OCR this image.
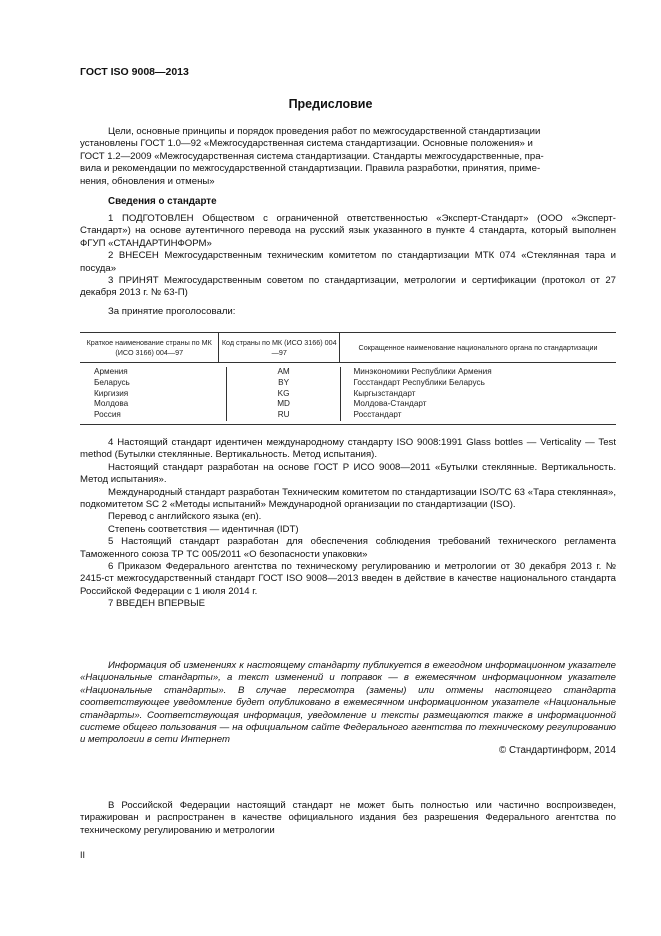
ГОСТ ISO 9008—2013
Предисловие

Цели, основные принципы и порядок проведения работ по межгосударственной стандартизации

установлены ГОСТ 1.0—92 «Межгосударственная система стандартизации. Основные положения» и
ГОСТ 1.2—2009 «Межгосударственная система стандартизации. Стандарты межгосударственные, пра-
вила и рекомендации по межгосударственной стандартизации. Правила разработки, принятия, приме-
нения, обновления и отмены»
Сведения о стандарте

1 ПОДГОТОВЛЕН Обществом с ограниченной ответственностью «Эксперт-Стандарт» (ООО «Эксперт-Стандарт») на основе аутентичного перевода на русский язык указанного в пункте 4 стандарта, который выполнен ФГУП «СТАНДАРТИНФОРМ»

2 ВНЕСЕН Межгосударственным техническим комитетом по стандартизации МТК 074 «Стеклянная тара и посуда»

3 ПРИНЯТ Межгосударственным советом по стандартизации, метрологии и сертификации (протокол от 27 декабря 2013 г. № 63-П)

За принятие проголосовали:

Краткое наименование страны по МК (ИСО 3166) 004—97
Код страны по МК (ИСО 3166) 004—97
Сокращенное наименование национального органа по стандартизации
Армения
Беларусь
Киргизия
Молдова
Россия
AM
BY
KG
MD
RU
Минэкономики Республики Армения
Госстандарт Республики Беларусь
Кыргызстандарт
Молдова-Стандарт
Росстандарт

4 Настоящий стандарт идентичен международному стандарту ISO 9008:1991 Glass bottles — Verticality — Test method (Бутылки стеклянные. Вертикальность. Метод испытания).

Настоящий стандарт разработан на основе ГОСТ Р ИСО 9008—2011 «Бутылки стеклянные. Вертикальность. Метод испытания».

Международный стандарт разработан Техническим комитетом по стандартизации ISO/TC 63 «Тара стеклянная», подкомитетом SC 2 «Методы испытаний» Международной организации по стандартизации (ISO).

Перевод с английского языка (en).

Степень соответствия — идентичная (IDT)

5 Настоящий стандарт разработан для обеспечения соблюдения требований технического регламента Таможенного союза ТР ТС 005/2011 «О безопасности упаковки»

6 Приказом Федерального агентства по техническому регулированию и метрологии от 30 декабря 2013 г. № 2415-ст межгосударственный стандарт ГОСТ ISO 9008—2013 введен в действие в качестве национального стандарта Российской Федерации с 1 июля 2014 г.

7 ВВЕДЕН ВПЕРВЫЕ

Информация об изменениях к настоящему стандарту публикуется в ежегодном информационном указателе «Национальные стандарты», а текст изменений и поправок — в ежемесячном информационном указателе «Национальные стандарты». В случае пересмотра (замены) или отмены настоящего стандарта соответствующее уведомление будет опубликовано в ежемесячном информационном указателе «Национальные стандарты». Соответствующая информация, уведомление и тексты размещаются также в информационной системе общего пользования — на официальном сайте Федерального агентства по техническому регулированию и метрологии в сети Интернет

© Стандартинформ, 2014

В Российской Федерации настоящий стандарт не может быть полностью или частично воспроизведен, тиражирован и распространен в качестве официального издания без разрешения Федерального агентства по техническому регулированию и метрологии

II
